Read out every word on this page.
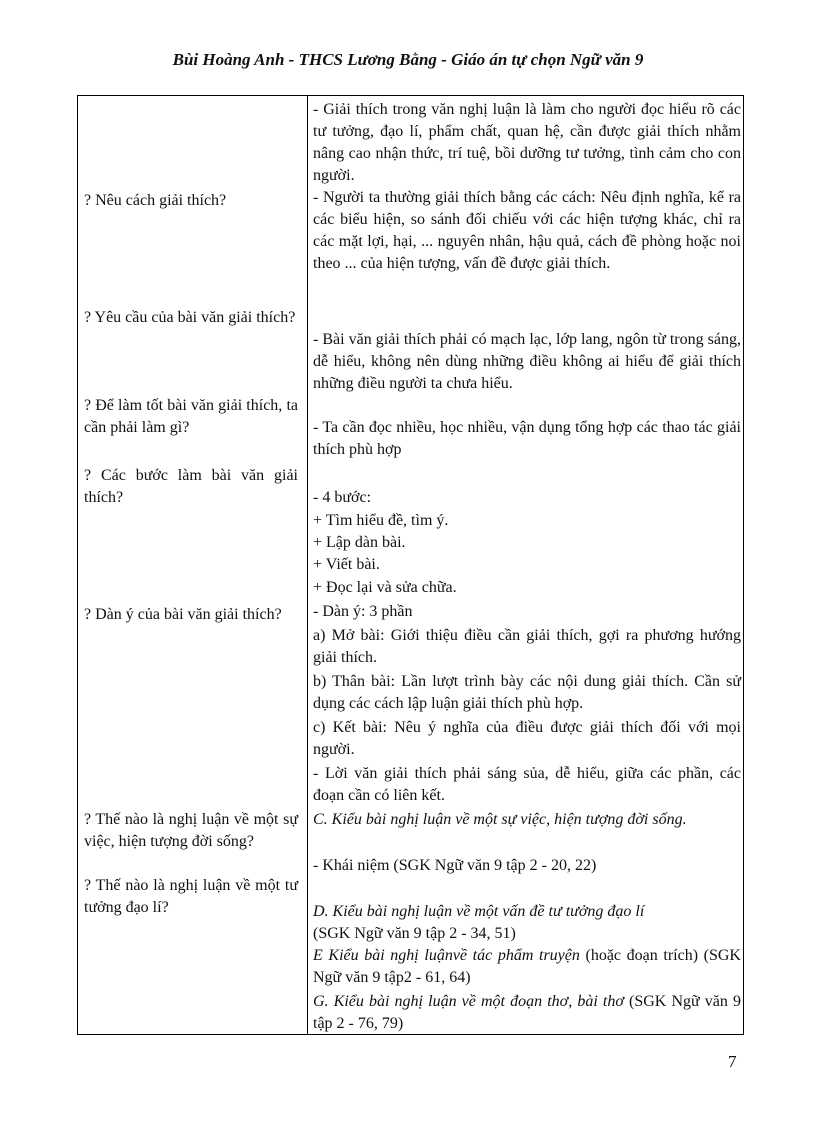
Bùi Hoàng Anh - THCS Lương Bằng - Giáo án tự chọn Ngữ văn 9
? Nêu cách giải thích?
? Yêu cầu của bài văn giải thích?
? Để làm tốt bài văn giải thích, ta cần phải làm gì?
? Các bước làm bài văn giải thích?
? Dàn ý của bài văn giải thích?
? Thế nào là nghị luận về một sự việc, hiện tượng đời sống?
? Thế nào là nghị luận về một tư tưởng đạo lí?
- Giải thích trong văn nghị luận là làm cho người đọc hiểu rõ các tư tưởng, đạo lí, phẩm chất, quan hệ, cần được giải thích nhằm nâng cao nhận thức, trí tuệ, bồi dưỡng tư tưởng, tình cảm cho con người.
- Người ta thường giải thích bằng các cách: Nêu định nghĩa, kể ra các biểu hiện, so sánh đối chiếu với các hiện tượng khác, chỉ ra các mặt lợi, hại, ... nguyên nhân, hậu quả, cách đề phòng hoặc noi theo ... của hiện tượng, vấn đề được giải thích.
- Bài văn giải thích phải có mạch lạc, lớp lang, ngôn từ trong sáng, dễ hiểu, không nên dùng những điều không ai hiểu để giải thích những điều người ta chưa hiểu.
- Ta cần đọc nhiều, học nhiều, vận dụng tổng hợp các thao tác giải thích phù hợp
- 4 bước:
+ Tìm hiểu đề, tìm ý.
+ Lập dàn bài.
+ Viết bài.
+ Đọc lại và sửa chữa.
- Dàn ý: 3 phần
a) Mở bài: Giới thiệu điều cần giải thích, gợi ra phương hướng giải thích.
b) Thân bài: Lần lượt trình bày các nội dung giải thích. Cần sử dụng các cách lập luận giải thích phù hợp.
c) Kết bài: Nêu ý nghĩa của điều được giải thích đối với mọi người.
- Lời văn giải thích phải sáng sủa, dễ hiểu, giữa các phần, các đoạn cần có liên kết.
C. Kiểu bài nghị luận về một sự việc, hiện tượng đời sống.
- Khái niệm (SGK Ngữ văn 9 tập 2 - 20, 22)
D. Kiểu bài nghị luận về một vấn đề tư tưởng đạo lí
(SGK Ngữ văn 9 tập 2 - 34, 51)
E Kiểu bài nghị luậnvề tác phẩm truyện (hoặc đoạn trích) (SGK Ngữ văn 9 tập2 - 61, 64)
G. Kiểu bài nghị luận về một đoạn thơ, bài thơ (SGK Ngữ văn 9 tập 2 - 76, 79)
7
